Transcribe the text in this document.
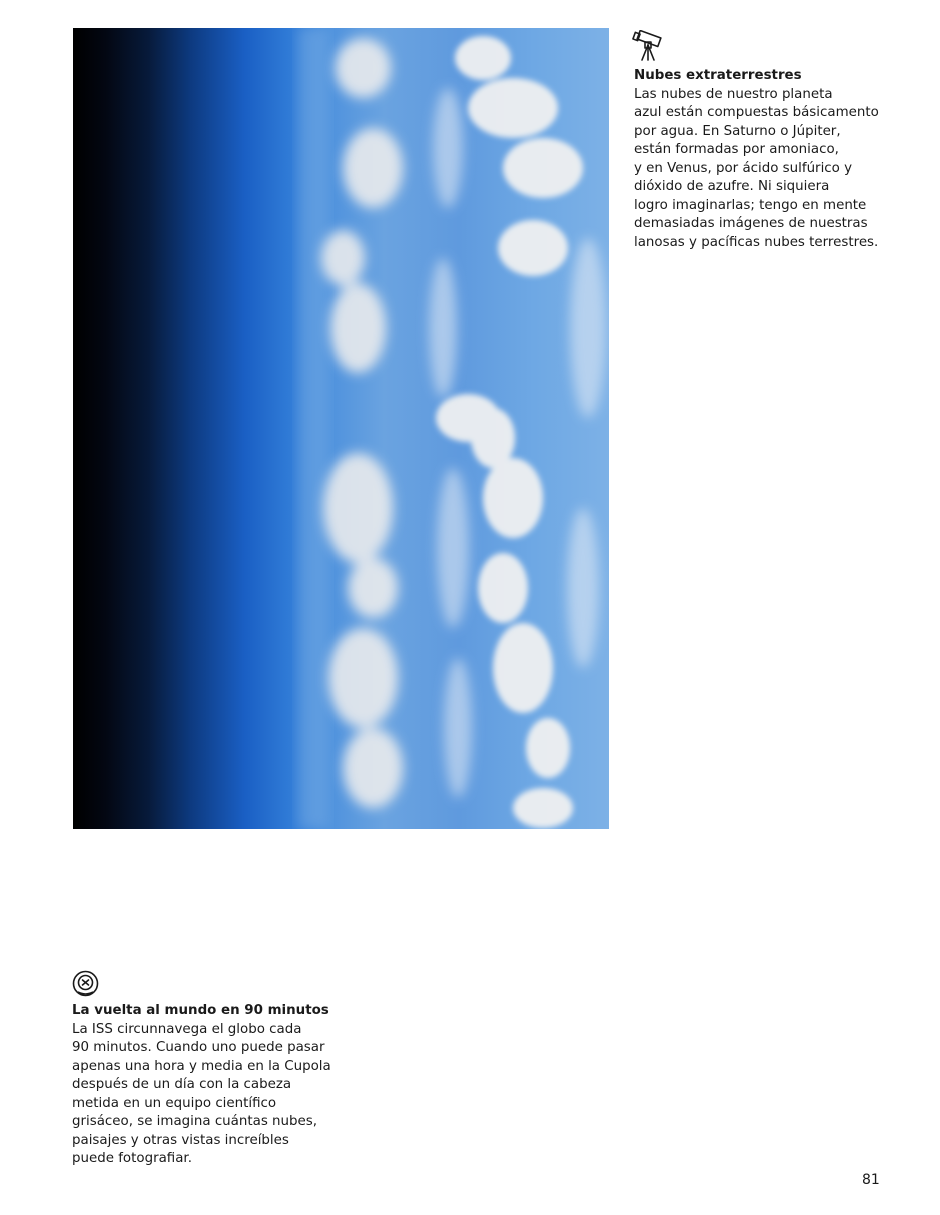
Nubes extraterrestres

Las nubes de nuestro planeta
azul están compuestas básicamento
por agua. En Saturno o Júpiter,
están formadas por amoniaco,
y en Venus, por ácido sulfúrico y
dióxido de azufre. Ni siquiera
logro imaginarlas; tengo en mente
demasiadas imágenes de nuestras
lanosas y pacíficas nubes terrestres.

La vuelta al mundo en 90 minutos

La ISS circunnavega el globo cada
90 minutos. Cuando uno puede pasar
apenas una hora y media en la Cupola
después de un día con la cabeza
metida en un equipo científico
grisáceo, se imagina cuántas nubes,
paisajes y otras vistas increíbles
puede fotografiar.

81
